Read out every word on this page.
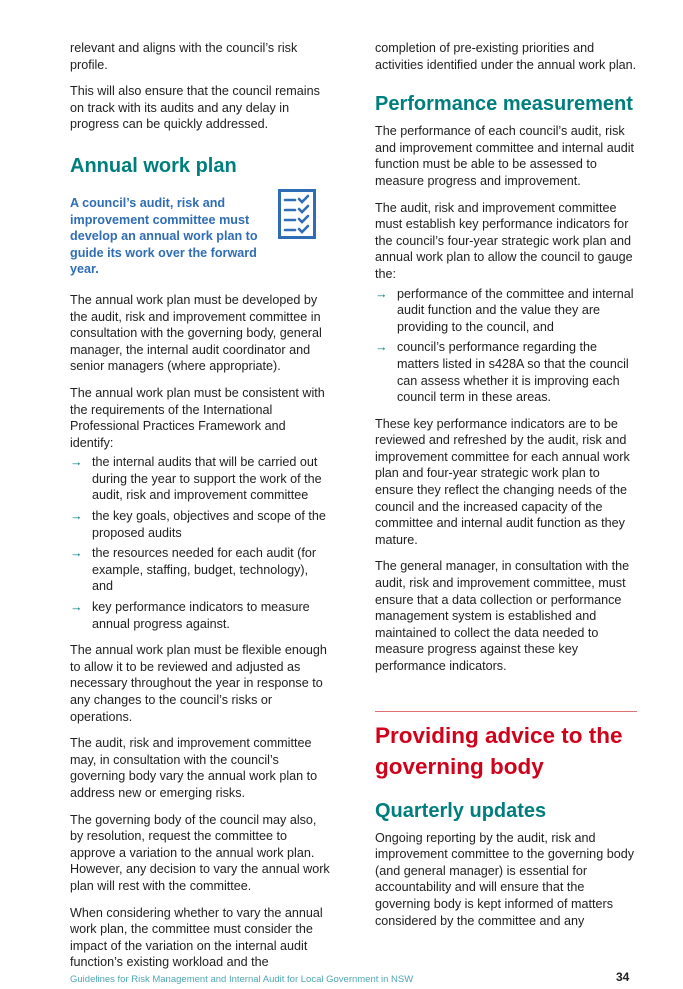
relevant and aligns with the council’s risk profile.

This will also ensure that the council remains on track with its audits and any delay in progress can be quickly addressed.

Annual work plan

A council’s audit, risk and improvement committee must develop an annual work plan to guide its work over the forward year.

The annual work plan must be developed by the audit, risk and improvement committee in consultation with the governing body, general manager, the internal audit coordinator and senior managers (where appropriate).

The annual work plan must be consistent with the requirements of the International Professional Practices Framework and identify:

→ the internal audits that will be carried out during the year to support the work of the audit, risk and improvement committee
→ the key goals, objectives and scope of the proposed audits
→ the resources needed for each audit (for example, staffing, budget, technology), and
→ key performance indicators to measure annual progress against.

The annual work plan must be flexible enough to allow it to be reviewed and adjusted as necessary throughout the year in response to any changes to the council’s risks or operations.

The audit, risk and improvement committee may, in consultation with the council’s governing body vary the annual work plan to address new or emerging risks.

The governing body of the council may also, by resolution, request the committee to approve a variation to the annual work plan. However, any decision to vary the annual work plan will rest with the committee.

When considering whether to vary the annual work plan, the committee must consider the impact of the variation on the internal audit function’s existing workload and the

completion of pre-existing priorities and activities identified under the annual work plan.

Performance measurement

The performance of each council’s audit, risk and improvement committee and internal audit function must be able to be assessed to measure progress and improvement.

The audit, risk and improvement committee must establish key performance indicators for the council’s four-year strategic work plan and annual work plan to allow the council to gauge the:

→ performance of the committee and internal audit function and the value they are providing to the council, and
→ council’s performance regarding the matters listed in s428A so that the council can assess whether it is improving each council term in these areas.

These key performance indicators are to be reviewed and refreshed by the audit, risk and improvement committee for each annual work plan and four-year strategic work plan to ensure they reflect the changing needs of the council and the increased capacity of the committee and internal audit function as they mature.

The general manager, in consultation with the audit, risk and improvement committee, must ensure that a data collection or performance management system is established and maintained to collect the data needed to measure progress against these key performance indicators.

Providing advice to the governing body
Quarterly updates

Ongoing reporting by the audit, risk and improvement committee to the governing body (and general manager) is essential for accountability and will ensure that the governing body is kept informed of matters considered by the committee and any

Guidelines for Risk Management and Internal Audit for Local Government in NSW	34
